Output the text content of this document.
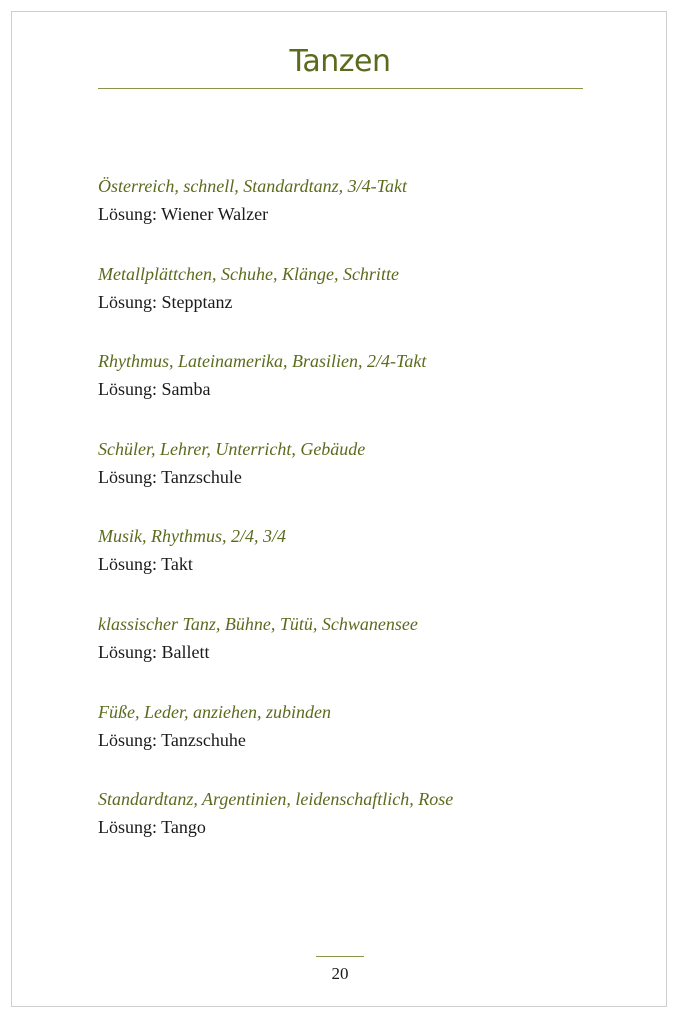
Tanzen
Österreich, schnell, Standardtanz, 3/4-Takt
Lösung: Wiener Walzer
Metallplättchen, Schuhe, Klänge, Schritte
Lösung: Stepptanz
Rhythmus, Lateinamerika, Brasilien, 2/4-Takt
Lösung: Samba
Schüler, Lehrer, Unterricht, Gebäude
Lösung: Tanzschule
Musik, Rhythmus, 2/4, 3/4
Lösung: Takt
klassischer Tanz, Bühne, Tütü, Schwanensee
Lösung: Ballett
Füße, Leder, anziehen, zubinden
Lösung: Tanzschuhe
Standardtanz, Argentinien, leidenschaftlich, Rose
Lösung: Tango
20
